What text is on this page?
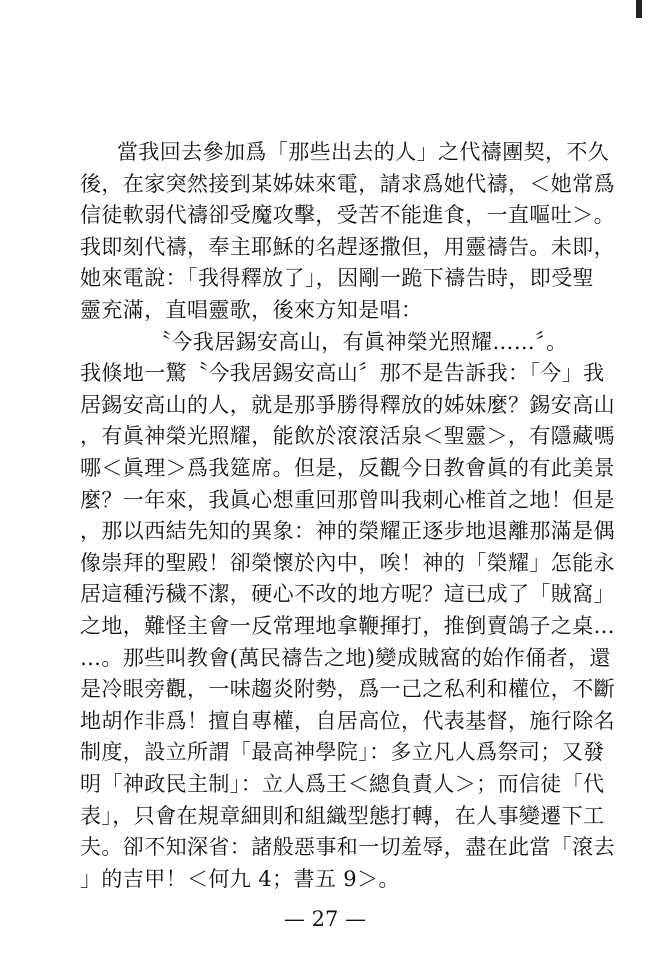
當我回去參加爲「那些出去的人」之代禱團契，不久
後，在家突然接到某姊妹來電，請求爲她代禱，＜她常爲
信徒軟弱代禱卻受魔攻擊，受苦不能進食，一直嘔吐＞。
我即刻代禱，奉主耶穌的名趕逐撒但，用靈禱告。未即，
她來電說：「我得釋放了」，因剛一跪下禱告時，即受聖
靈充滿，直唱靈歌，後來方知是唱：
〝今我居錫安高山，有眞神榮光照耀……〞。
我倏地一驚〝今我居錫安高山〞那不是告訴我：「今」我
居錫安高山的人，就是那爭勝得釋放的姊妹麼？錫安高山
，有眞神榮光照耀，能飲於滾滾活泉＜聖靈＞，有隱藏嗎
哪＜眞理＞爲我筵席。但是，反觀今日教會眞的有此美景
麼？一年來，我眞心想重回那曾叫我刺心椎首之地！但是
，那以西結先知的異象：神的榮耀正逐步地退離那滿是偶
像崇拜的聖殿！卻榮懷於內中，唉！神的「榮耀」怎能永
居這種汚穢不潔，硬心不改的地方呢？這已成了「賊窩」
之地，難怪主會一反常理地拿鞭揮打，推倒賣鴿子之桌…
…。那些叫教會(萬民禱告之地)變成賊窩的始作俑者，還
是冷眼旁觀，一味趨炎附勢，爲一己之私利和權位，不斷
地胡作非爲！擅自專權，自居高位，代表基督，施行除名
制度，設立所謂「最高神學院」：多立凡人爲祭司；又發
明「神政民主制」：立人爲王＜總負責人＞；而信徒「代
表」，只會在規章細則和組織型態打轉，在人事變遷下工
— 27 —
夫。卻不知深省：諸般惡事和一切羞辱，盡在此當「滾去
」的吉甲！＜何九 4；書五 9＞。
